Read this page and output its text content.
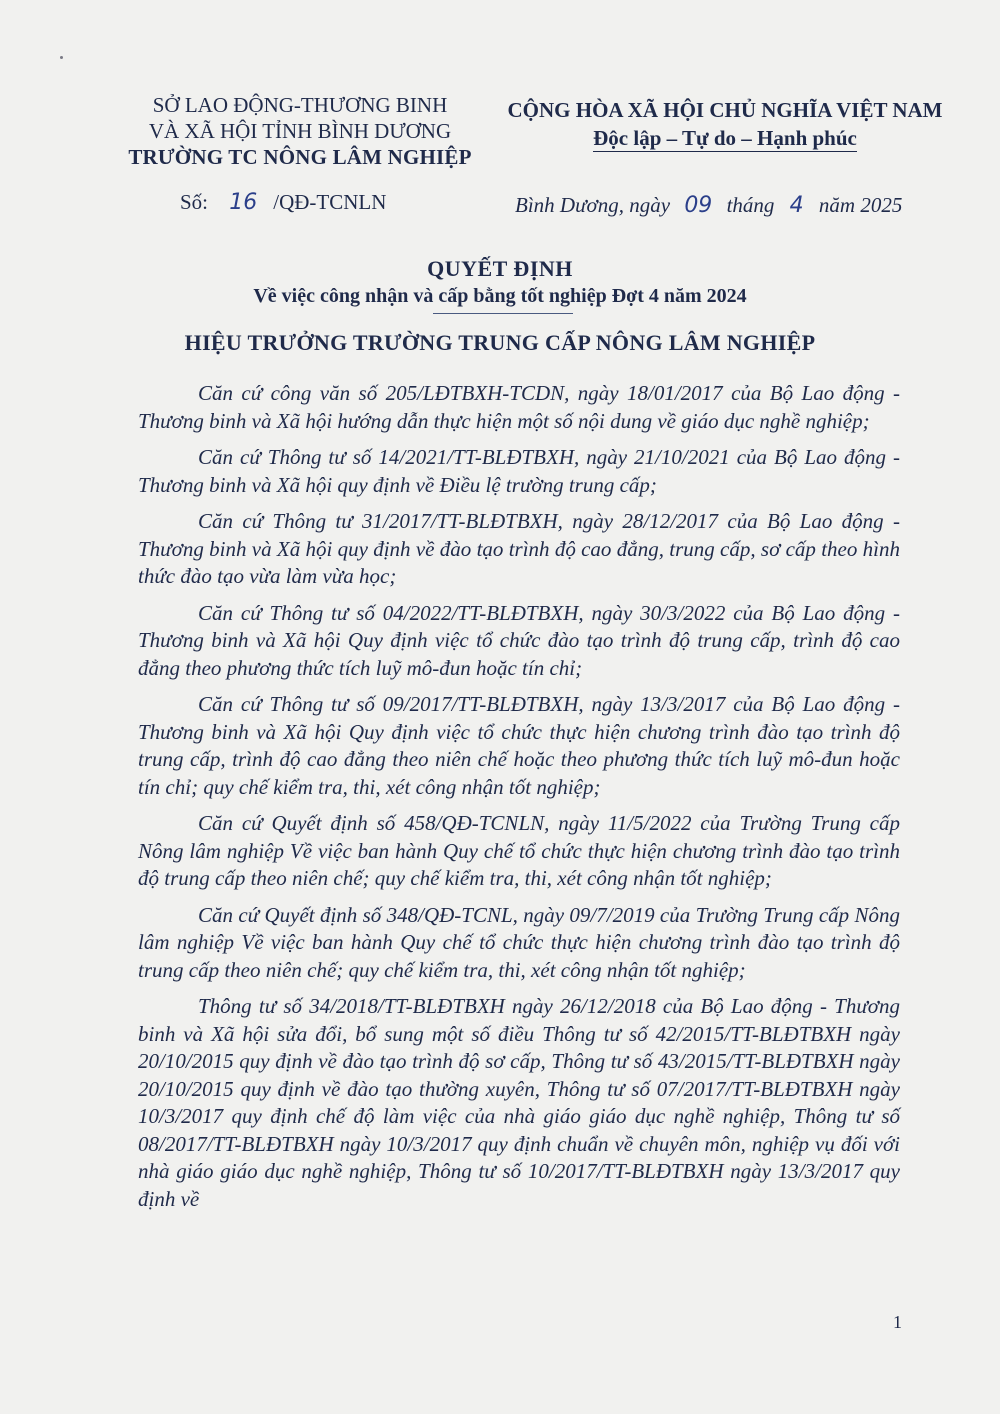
SỞ LAO ĐỘNG-THƯƠNG BINH
VÀ XÃ HỘI TỈNH BÌNH DƯƠNG
TRƯỜNG TC NÔNG LÂM NGHIỆP
CỘNG HÒA XÃ HỘI CHỦ NGHĨA VIỆT NAM
Độc lập – Tự do – Hạnh phúc
Số: 16 /QĐ-TCNLN	Bình Dương, ngày 09 tháng 4 năm 2025
QUYẾT ĐỊNH
Về việc công nhận và cấp bằng tốt nghiệp Đợt 4 năm 2024
HIỆU TRƯỞNG TRƯỜNG TRUNG CẤP NÔNG LÂM NGHIỆP

Căn cứ công văn số 205/LĐTBXH-TCDN, ngày 18/01/2017 của Bộ Lao động - Thương binh và Xã hội hướng dẫn thực hiện một số nội dung về giáo dục nghề nghiệp;

Căn cứ Thông tư số 14/2021/TT-BLĐTBXH, ngày 21/10/2021 của Bộ Lao động - Thương binh và Xã hội quy định về Điều lệ trường trung cấp;

Căn cứ Thông tư 31/2017/TT-BLĐTBXH, ngày 28/12/2017 của Bộ Lao động - Thương binh và Xã hội quy định về đào tạo trình độ cao đẳng, trung cấp, sơ cấp theo hình thức đào tạo vừa làm vừa học;

Căn cứ Thông tư số 04/2022/TT-BLĐTBXH, ngày 30/3/2022 của Bộ Lao động - Thương binh và Xã hội Quy định việc tổ chức đào tạo trình độ trung cấp, trình độ cao đẳng theo phương thức tích luỹ mô-đun hoặc tín chỉ;

Căn cứ Thông tư số 09/2017/TT-BLĐTBXH, ngày 13/3/2017 của Bộ Lao động - Thương binh và Xã hội Quy định việc tổ chức thực hiện chương trình đào tạo trình độ trung cấp, trình độ cao đẳng theo niên chế hoặc theo phương thức tích luỹ mô-đun hoặc tín chỉ; quy chế kiểm tra, thi, xét công nhận tốt nghiệp;

Căn cứ Quyết định số 458/QĐ-TCNLN, ngày 11/5/2022 của Trường Trung cấp Nông lâm nghiệp Về việc ban hành Quy chế tổ chức thực hiện chương trình đào tạo trình độ trung cấp theo niên chế; quy chế kiểm tra, thi, xét công nhận tốt nghiệp;

Căn cứ Quyết định số 348/QĐ-TCNL, ngày 09/7/2019 của Trường Trung cấp Nông lâm nghiệp Về việc ban hành Quy chế tổ chức thực hiện chương trình đào tạo trình độ trung cấp theo niên chế; quy chế kiểm tra, thi, xét công nhận tốt nghiệp;

Thông tư số 34/2018/TT-BLĐTBXH ngày 26/12/2018 của Bộ Lao động - Thương binh và Xã hội sửa đổi, bổ sung một số điều Thông tư số 42/2015/TT-BLĐTBXH ngày 20/10/2015 quy định về đào tạo trình độ sơ cấp, Thông tư số 43/2015/TT-BLĐTBXH ngày 20/10/2015 quy định về đào tạo thường xuyên, Thông tư số 07/2017/TT-BLĐTBXH ngày 10/3/2017 quy định chế độ làm việc của nhà giáo giáo dục nghề nghiệp, Thông tư số 08/2017/TT-BLĐTBXH ngày 10/3/2017 quy định chuẩn về chuyên môn, nghiệp vụ đối với nhà giáo giáo dục nghề nghiệp, Thông tư số 10/2017/TT-BLĐTBXH ngày 13/3/2017 quy định về

1
